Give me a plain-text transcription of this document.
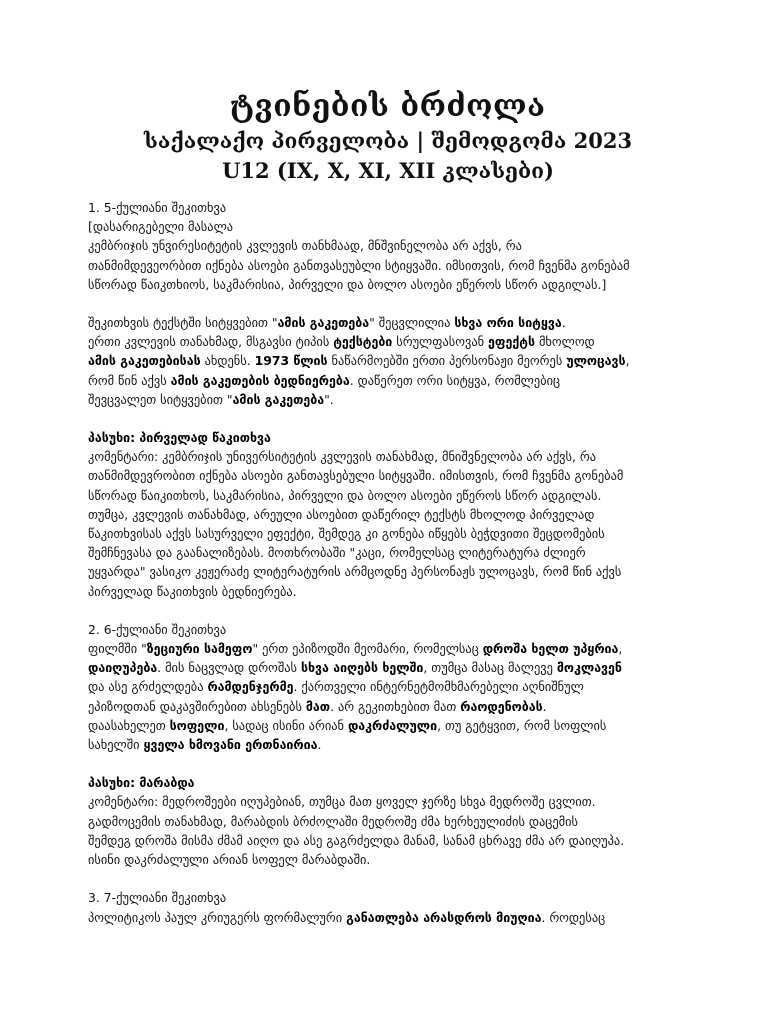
ტვინების ბრძოლა
საქალაქო პირველობა | შემოდგომა 2023
U12 (IX, X, XI, XII კლასები)
1. 5-ქულიანი შეკითხვა
[დასარიგებელი მასალა
კემბრიჯის უნვირესიტეტის კვლევის თანხმაად, მნშვინელობა არ აქვს, რა
თანმიმდევეორბით იქნება ასოები განთვასეუბლი სტიყვაში. იმსითვის, რომ ჩვენმა გონებამ
სწორად წაიკთხიოს, საკმარისია, პირველი და ბოლო ასოები ეწეროს სწორ ადგილას.]
შეკითხვის ტექსტში სიტყვებით "ამის გაკეთება" შეცვლილია სხვა ორი სიტყვა.
ერთი კვლევის თანახმად, მსგავსი ტიპის ტექსტები სრულფასოვან ეფექტს მხოლოდ
ამის გაკეთებისას ახდენს. 1973 წლის ნაწარმოებში ერთი პერსონაჟი მეორეს ულოცავს,
რომ წინ აქვს ამის გაკეთების ბედნიერება. დაწერეთ ორი სიტყვა, რომლებიც
შევცვალეთ სიტყვებით "ამის გაკეთება".
პასუხი: პირველად წაკითხვა
კომენტარი: კემბრიჯის უნივერსიტეტის კვლევის თანახმად, მნიშვნელობა არ აქვს, რა
თანმიმდევრობით იქნება ასოები განთავსებული სიტყვაში. იმისთვის, რომ ჩვენმა გონებამ
სწორად წაიკითხოს, საკმარისია, პირველი და ბოლო ასოები ეწეროს სწორ ადგილას.
თუმცა, კვლევის თანახმად, არეული ასოებით დაწერილ ტექსტს მხოლოდ პირველად
წაკითხვისას აქვს სასურველი ეფექტი, შემდეგ კი გონება იწყებს ბეჭდვითი შეცდომების
შემჩნევასა და გაანალიზებას. მოთხრობაში "კაცი, რომელსაც ლიტერატურა ძლიერ
უყვარდა" ვასიკო კეჟერაძე ლიტერატურის არმცოდნე პერსონაჟს ულოცავს, რომ წინ აქვს
პირველად წაკითხვის ბედნიერება.
2. 6-ქულიანი შეკითხვა
ფილმში "ზეციური სამეფო" ერთ ეპიზოდში მეომარი, რომელსაც დროშა ხელთ უპყრია,
დაიღუპება. მის ნაცვლად დროშას სხვა აიღებს ხელში, თუმცა მასაც მალევე მოკლავენ
და ასე გრძელდება რამდენჯერმე. ქართველი ინტერნეტმომხმარებელი აღნიშნულ
ეპიზოდთან დაკავშირებით ახსენებს მათ. არ გეკითხებით მათ რაოდენობას.
დაასახელეთ სოფელი, სადაც ისინი არიან დაკრძალული, თუ გეტყვით, რომ სოფლის
სახელში ყველა ხმოვანი ერთნაირია.
პასუხი: მარაბდა
კომენტარი: მედროშეები იღუპებიან, თუმცა მათ ყოველ ჯერზე სხვა მედროშე ცვლით.
გადმოცემის თანახმად, მარაბდის ბრძოლაში მედროშე ძმა ხერხეულიძის დაცემის
შემდეგ დროშა მისმა ძმამ აიღო და ასე გაგრძელდა მანამ, სანამ ცხრავე ძმა არ დაიღუპა.
ისინი დაკრძალული არიან სოფელ მარაბდაში.
3. 7-ქულიანი შეკითხვა
პოლიტიკოს პაულ კრიუგერს ფორმალური განათლება არასდროს მიუღია. როდესაც
